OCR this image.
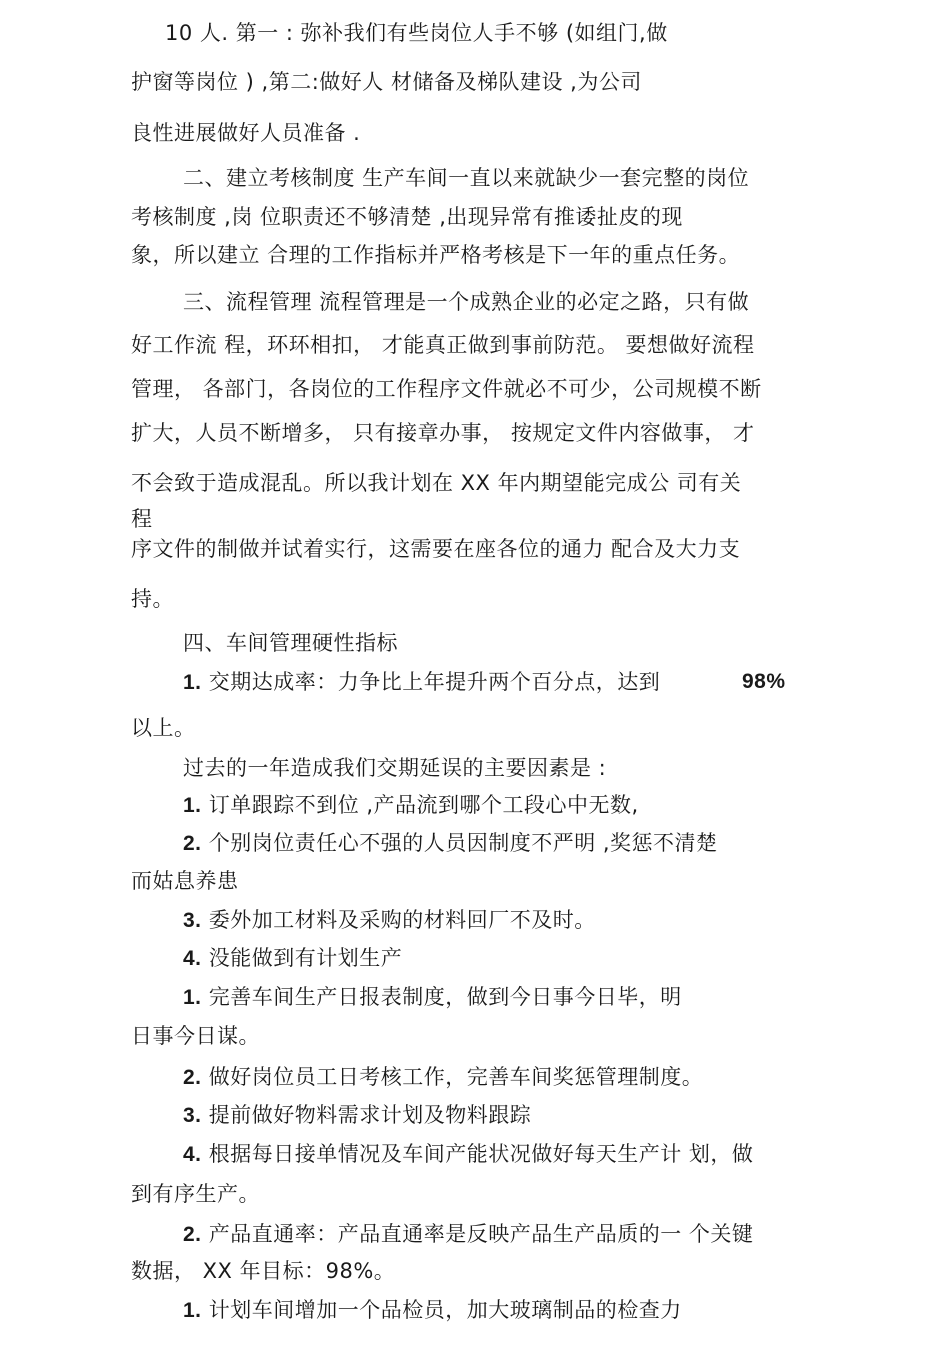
10 人. 第一 : 弥补我们有些岗位人手不够 (如组门,做
护窗等岗位 ) ,第二:做好人 材储备及梯队建设 ,为公司
良性进展做好人员准备 .
二、建立考核制度 生产车间一直以来就缺少一套完整的岗位
考核制度 ,岗 位职责还不够清楚 ,出现异常有推诿扯皮的现
象，所以建立 合理的工作指标并严格考核是下一年的重点任务。
三、流程管理 流程管理是一个成熟企业的必定之路，只有做
好工作流 程，环环相扣， 才能真正做到事前防范。 要想做好流程
管理， 各部门，各岗位的工作程序文件就必不可少，公司规模不断
扩大，人员不断增多， 只有接章办事， 按规定文件内容做事， 才
不会致于造成混乱。所以我计划在 XX 年内期望能完成公 司有关
程
序文件的制做并试着实行，这需要在座各位的通力 配合及大力支
持。
四、车间管理硬性指标
1. 交期达成率：力争比上年提升两个百分点，达到	98%
以上。
过去的一年造成我们交期延误的主要因素是 :
1. 订单跟踪不到位 ,产品流到哪个工段心中无数,
2. 个别岗位责任心不强的人员因制度不严明 ,奖惩不清楚
而姑息养患
3. 委外加工材料及采购的材料回厂不及时。
4. 没能做到有计划生产
1. 完善车间生产日报表制度，做到今日事今日毕，明
日事今日谋。
2. 做好岗位员工日考核工作，完善车间奖惩管理制度。
3. 提前做好物料需求计划及物料跟踪
4. 根据每日接单情况及车间产能状况做好每天生产计 划，做
到有序生产。
2. 产品直通率：产品直通率是反映产品生产品质的一 个关键
数据， XX 年目标：98%。
1. 计划车间增加一个品检员，加大玻璃制品的检查力
